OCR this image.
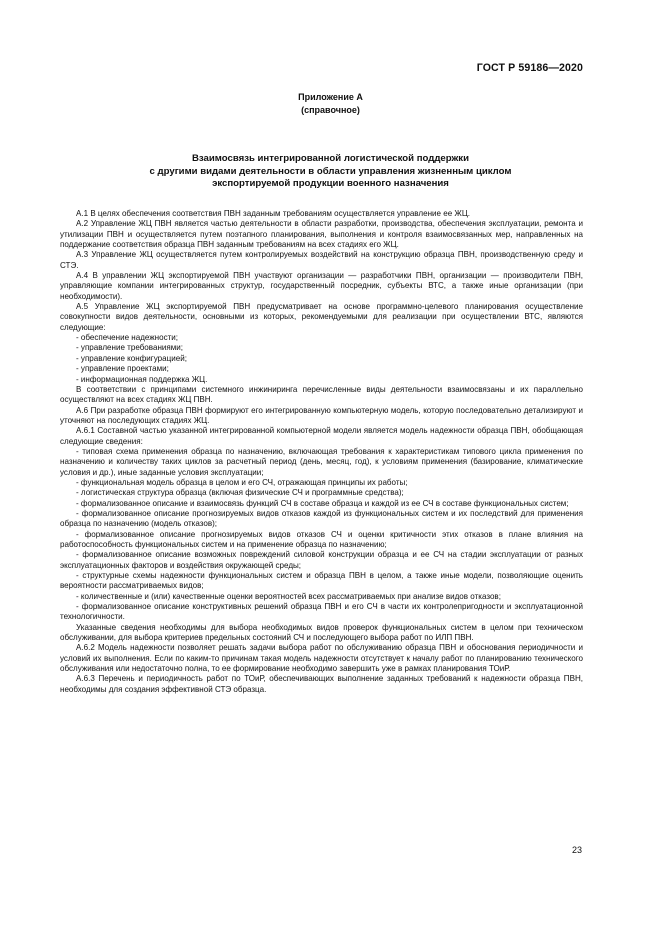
ГОСТ Р 59186—2020
Приложение А
(справочное)
Взаимосвязь интегрированной логистической поддержки
с другими видами деятельности в области управления жизненным циклом
экспортируемой продукции военного назначения

А.1 В целях обеспечения соответствия ПВН заданным требованиям осуществляется управление ее ЖЦ.

А.2 Управление ЖЦ ПВН является частью деятельности в области разработки, производства, обеспечения эксплуатации, ремонта и утилизации ПВН и осуществляется путем поэтапного планирования, выполнения и контроля взаимосвязанных мер, направленных на поддержание соответствия образца ПВН заданным требованиям на всех стадиях его ЖЦ.

А.3 Управление ЖЦ осуществляется путем контролируемых воздействий на конструкцию образца ПВН, производственную среду и СТЭ.

А.4 В управлении ЖЦ экспортируемой ПВН участвуют организации — разработчики ПВН, организации — производители ПВН, управляющие компании интегрированных структур, государственный посредник, субъекты ВТС, а также иные организации (при необходимости).

А.5 Управление ЖЦ экспортируемой ПВН предусматривает на основе программно-целевого планирования осуществление совокупности видов деятельности, основными из которых, рекомендуемыми для реализации при осуществлении ВТС, являются следующие:

- обеспечение надежности;

- управление требованиями;

- управление конфигурацией;

- управление проектами;

- информационная поддержка ЖЦ.

В соответствии с принципами системного инжиниринга перечисленные виды деятельности взаимосвязаны и их параллельно осуществляют на всех стадиях ЖЦ ПВН.

А.6 При разработке образца ПВН формируют его интегрированную компьютерную модель, которую последовательно детализируют и уточняют на последующих стадиях ЖЦ.

А.6.1 Составной частью указанной интегрированной компьютерной модели является модель надежности образца ПВН, обобщающая следующие сведения:

- типовая схема применения образца по назначению, включающая требования к характеристикам типового цикла применения по назначению и количеству таких циклов за расчетный период (день, месяц, год), к условиям применения (базирование, климатические условия и др.), иные заданные условия эксплуатации;

- функциональная модель образца в целом и его СЧ, отражающая принципы их работы;

- логистическая структура образца (включая физические СЧ и программные средства);

- формализованное описание и взаимосвязь функций СЧ в составе образца и каждой из ее СЧ в составе функциональных систем;

- формализованное описание прогнозируемых видов отказов каждой из функциональных систем и их последствий для применения образца по назначению (модель отказов);

- формализованное описание прогнозируемых видов отказов СЧ и оценки критичности этих отказов в плане влияния на работоспособность функциональных систем и на применение образца по назначению;

- формализованное описание возможных повреждений силовой конструкции образца и ее СЧ на стадии эксплуатации от разных эксплуатационных факторов и воздействия окружающей среды;

- структурные схемы надежности функциональных систем и образца ПВН в целом, а также иные модели, позволяющие оценить вероятности рассматриваемых видов;

- количественные и (или) качественные оценки вероятностей всех рассматриваемых при анализе видов отказов;

- формализованное описание конструктивных решений образца ПВН и его СЧ в части их контролепригодности и эксплуатационной технологичности.

Указанные сведения необходимы для выбора необходимых видов проверок функциональных систем в целом при техническом обслуживании, для выбора критериев предельных состояний СЧ и последующего выбора работ по ИЛП ПВН.

А.6.2 Модель надежности позволяет решать задачи выбора работ по обслуживанию образца ПВН и обоснования периодичности и условий их выполнения. Если по каким-то причинам такая модель надежности отсутствует к началу работ по планированию технического обслуживания или недостаточно полна, то ее формирование необходимо завершить уже в рамках планирования ТОиР.

А.6.3 Перечень и периодичность работ по ТОиР, обеспечивающих выполнение заданных требований к надежности образца ПВН, необходимы для создания эффективной СТЭ образца.

23
